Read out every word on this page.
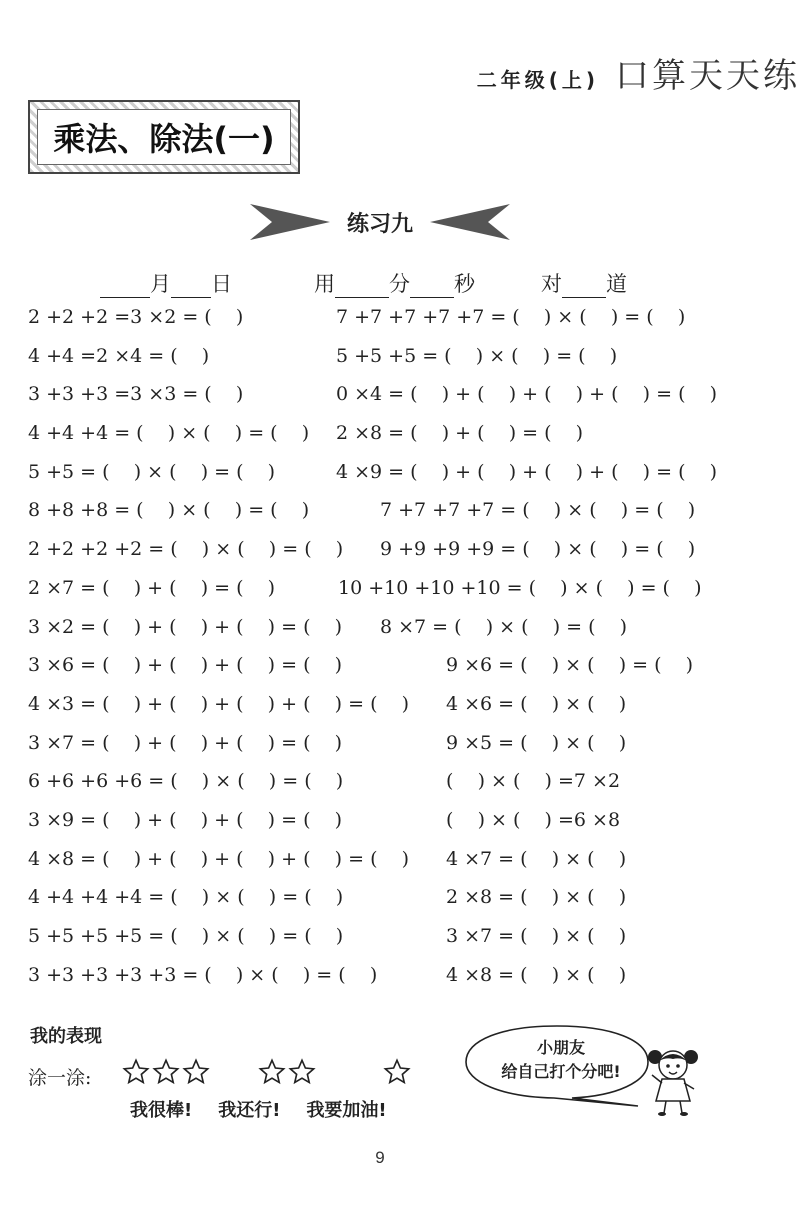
二年级(上) 口算天天练
乘法、除法(一)
练习九
月 日	用	分 秒	对 道
2 +2 +2 =3 ×2 = (    )	7 +7 +7 +7 +7 = (    ) × (    ) = (    )
4 +4 =2 ×4 = (    )	5 +5 +5 = (    ) × (    ) = (    )
3 +3 +3 =3 ×3 = (    )	0 ×4 = (    ) + (    ) + (    ) + (    ) = (    )
4 +4 +4 = (    ) × (    ) = (    ) 2 ×8 = (    ) + (    ) = (    )
5 +5 = (    ) × (    ) = (    )	4 ×9 = (    ) + (    ) + (    ) + (    ) = (    )
8 +8 +8 = (    ) × (    ) = (    )	7 +7 +7 +7 = (    ) × (    ) = (    )
2 +2 +2 +2 = (    ) × (    ) = (    ) 9 +9 +9 +9 = (    ) × (    ) = (    )
2 ×7 = (    ) + (    ) = (    )	10 +10 +10 +10 = (    ) × (    ) = (    )
3 ×2 = (    ) + (    ) + (    ) = (    ) 8 ×7 = (    ) × (    ) = (    )
3 ×6 = (    ) + (    ) + (    ) = (    )	9 ×6 = (    ) × (    ) = (    )
4 ×3 = (    ) + (    ) + (    ) + (    ) = (    ) 4 ×6 = (    ) × (    )
3 ×7 = (    ) + (    ) + (    ) = (    )	9 ×5 = (    ) × (    )
6 +6 +6 +6 = (    ) × (    ) = (    )	(    ) × (    ) =7 ×2
3 ×9 = (    ) + (    ) + (    ) = (    )	(    ) × (    ) =6 ×8
4 ×8 = (    ) + (    ) + (    ) + (    ) = (    ) 4 ×7 = (    ) × (    )
4 +4 +4 +4 = (    ) × (    ) = (    )	2 ×8 = (    ) × (    )
5 +5 +5 +5 = (    ) × (    ) = (    )	3 ×7 = (    ) × (    )
3 +3 +3 +3 +3 = (    ) × (    ) = (    )	4 ×8 = (    ) × (    )
我的表现
涂一涂:
我很棒! 我还行! 我要加油!
小朋友
给自己打个分吧!
9
